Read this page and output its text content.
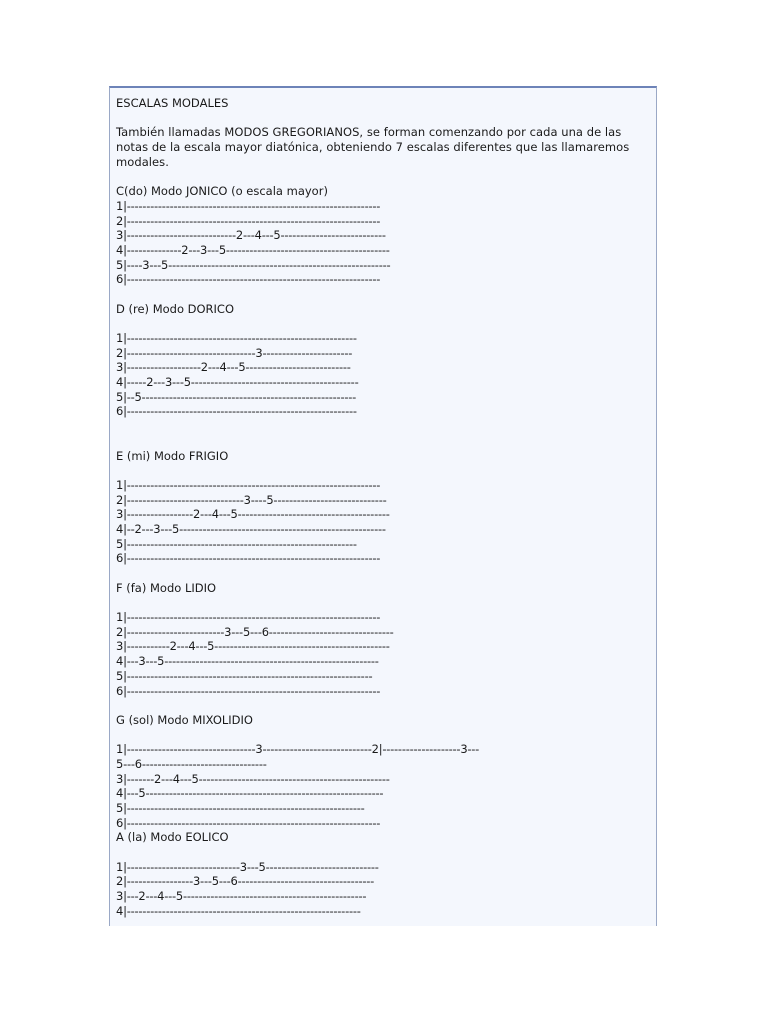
ESCALAS MODALES
También llamadas MODOS GREGORIANOS, se forman comenzando por cada una de las notas de la escala mayor diatónica, obteniendo 7 escalas diferentes que las llamaremos modales.
C(do) Modo JONICO (o escala mayor)
1|-----------------------------------------------------------------
2|-----------------------------------------------------------------
3|----------------------------2---4---5---------------------------
4|--------------2---3---5------------------------------------------
5|----3---5---------------------------------------------------------
6|-----------------------------------------------------------------
D (re) Modo DORICO
1|-----------------------------------------------------------
2|---------------------------------3-----------------------
3|-------------------2---4---5---------------------------
4|-----2---3---5-------------------------------------------
5|--5-------------------------------------------------------
6|-----------------------------------------------------------
E (mi) Modo FRIGIO
1|-----------------------------------------------------------------
2|------------------------------3----5-----------------------------
3|-----------------2---4---5---------------------------------------
4|--2---3---5-----------------------------------------------------
5|-----------------------------------------------------------
6|-----------------------------------------------------------------
F (fa) Modo LIDIO
1|-----------------------------------------------------------------
2|-------------------------3---5---6--------------------------------
3|-----------2---4---5---------------------------------------------
4|---3---5-------------------------------------------------------
5|---------------------------------------------------------------
6|-----------------------------------------------------------------
G (sol) Modo MIXOLIDIO
1|---------------------------------3----------------------------2|--------------------3---
5---6--------------------------------
3|-------2---4---5-------------------------------------------------
4|---5-------------------------------------------------------------
5|-------------------------------------------------------------
6|-----------------------------------------------------------------
A (la) Modo EOLICO
1|-----------------------------3---5-----------------------------
2|-----------------3---5---6-----------------------------------
3|---2---4---5-----------------------------------------------
4|------------------------------------------------------------
